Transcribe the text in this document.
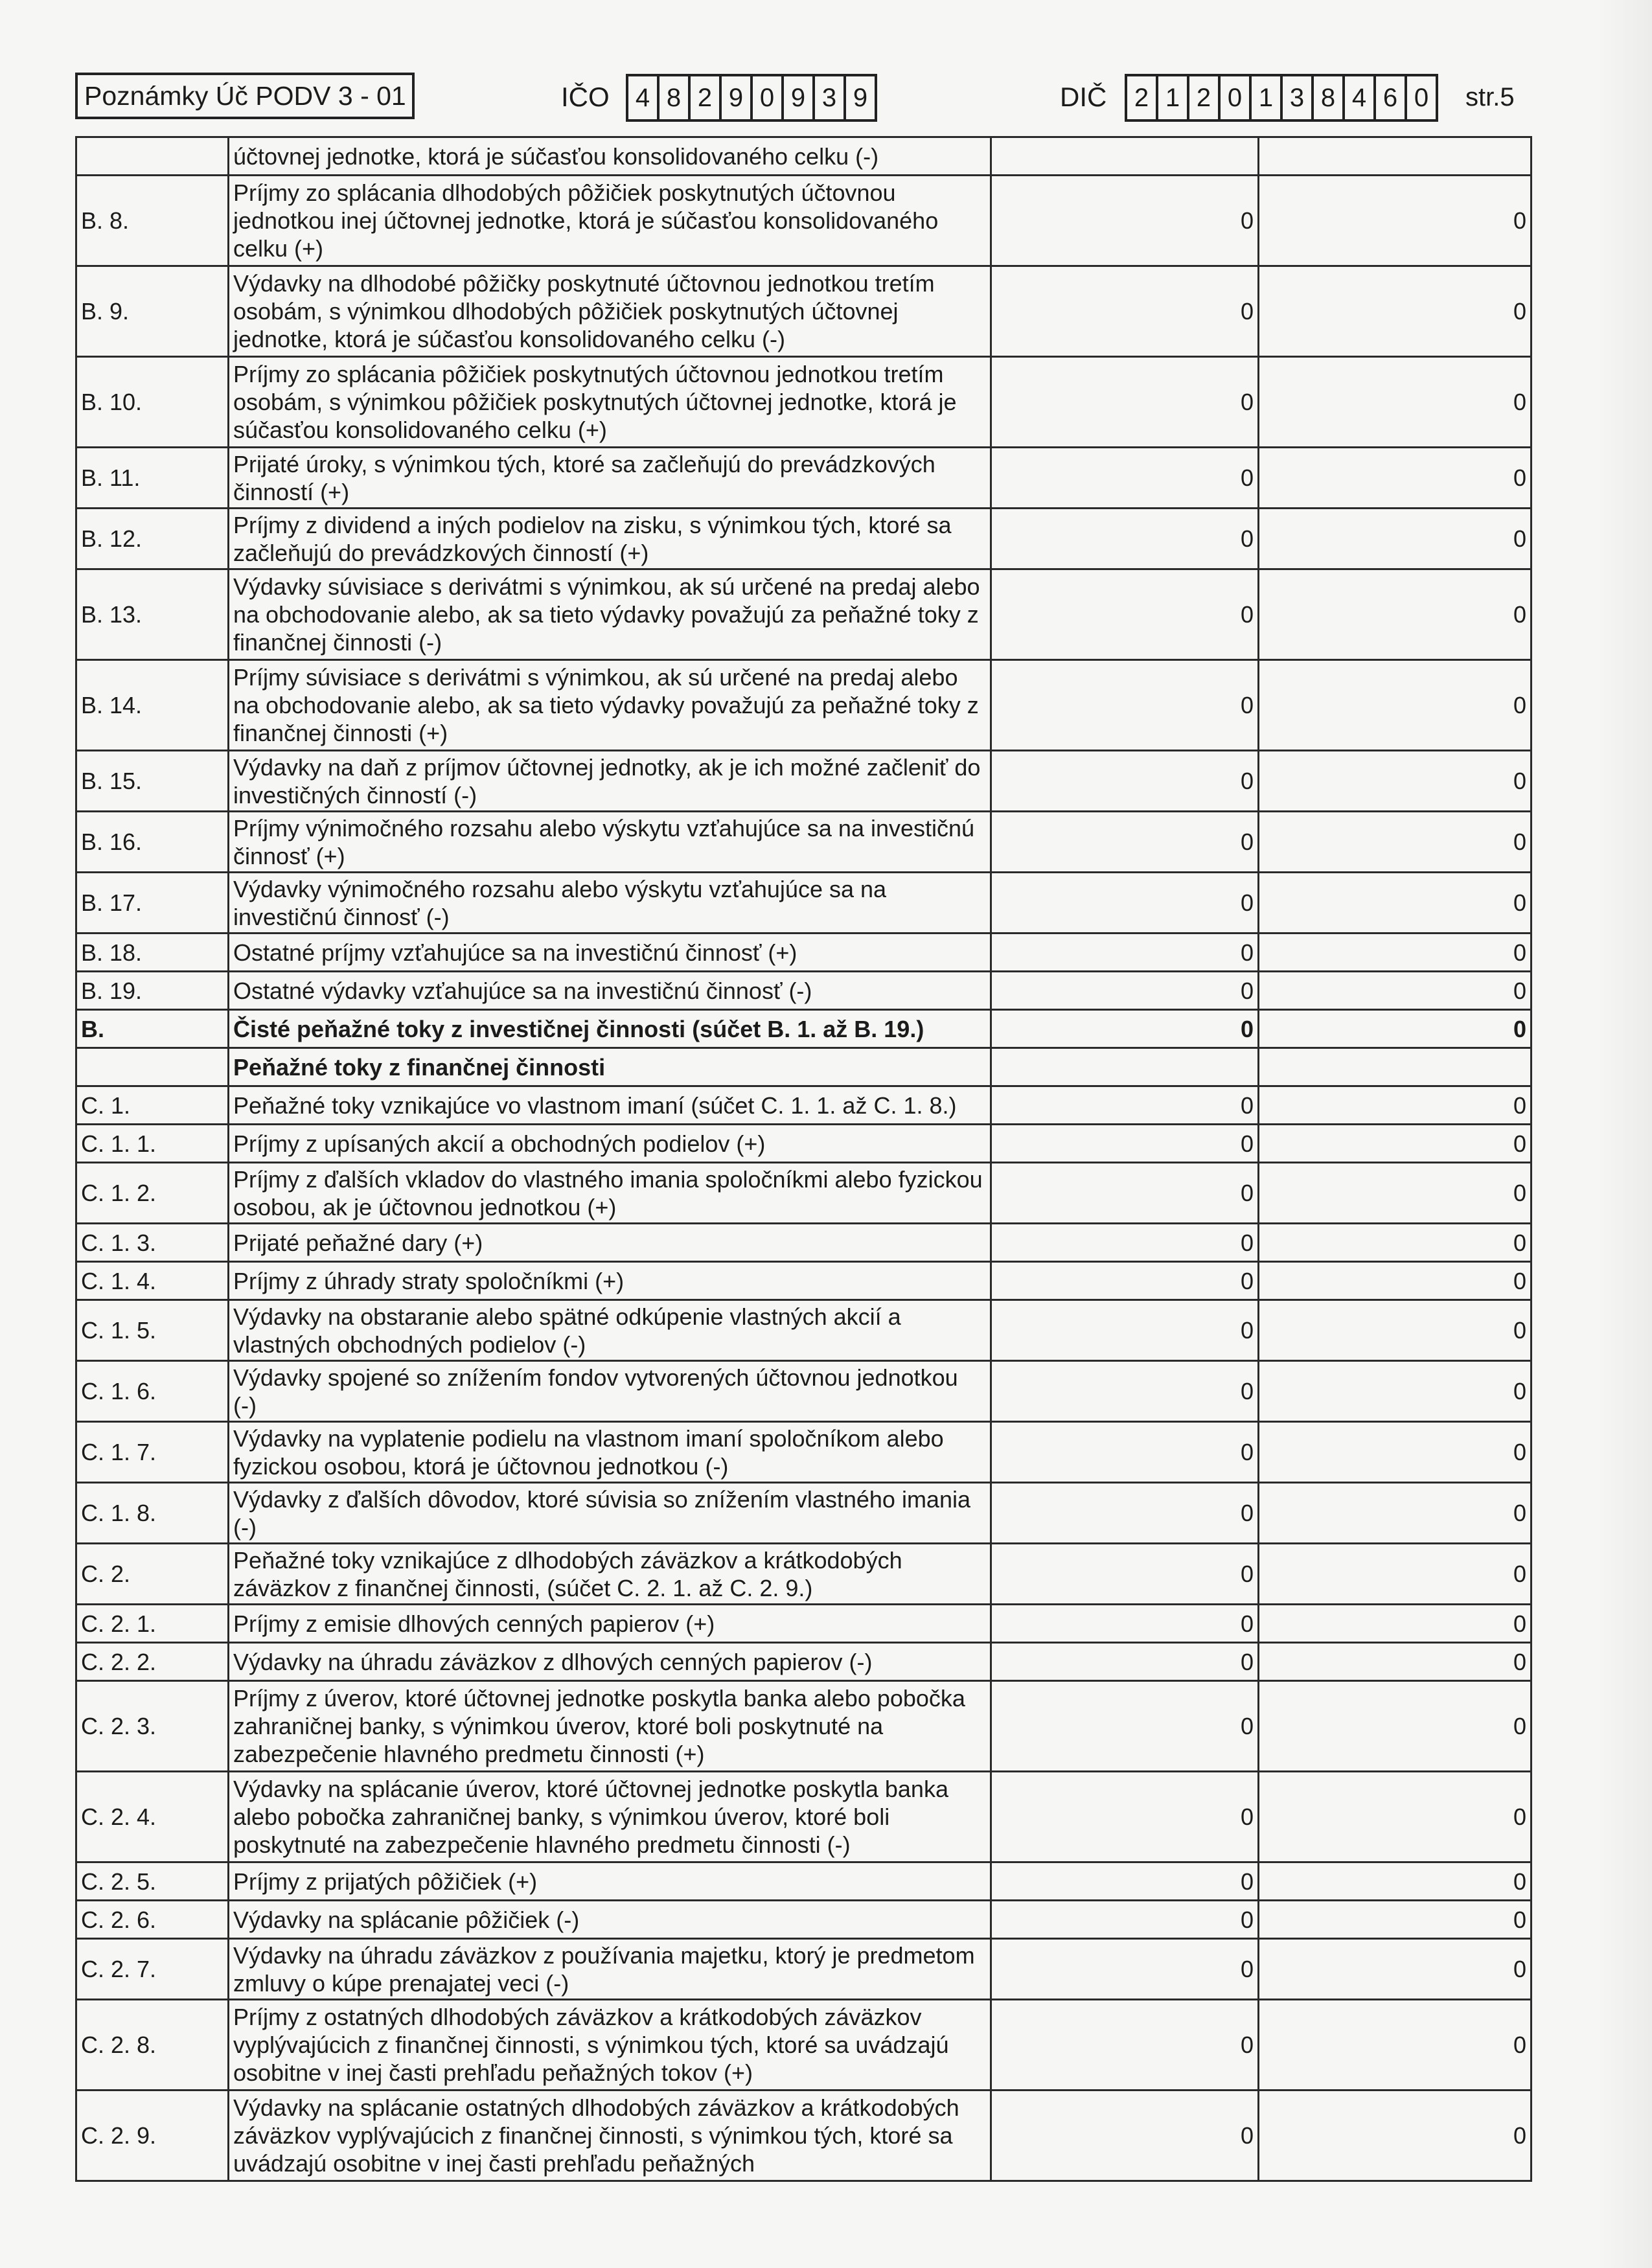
Poznámky Úč PODV 3 - 01	IČO	4 8 2 9 0 9 3 9	DIČ	2 1 2 0 1 3 8 4 6 0	str.5
	účtovnej jednotke, ktorá je súčasťou konsolidovaného celku (-)		
B. 8.	Príjmy zo splácania dlhodobých pôžičiek poskytnutých účtovnou jednotkou inej účtovnej jednotke, ktorá je súčasťou konsolidovaného celku (+)	0	0
B. 9.	Výdavky na dlhodobé pôžičky poskytnuté účtovnou jednotkou tretím osobám, s výnimkou dlhodobých pôžičiek poskytnutých účtovnej jednotke, ktorá je súčasťou konsolidovaného celku (-)	0	0
B. 10.	Príjmy zo splácania pôžičiek poskytnutých účtovnou jednotkou tretím osobám, s výnimkou pôžičiek poskytnutých účtovnej jednotke, ktorá je súčasťou konsolidovaného celku (+)	0	0
B. 11.	Prijaté úroky, s výnimkou tých, ktoré sa začleňujú do prevádzkových činností (+)	0	0
B. 12.	Príjmy z dividend a iných podielov na zisku, s výnimkou tých, ktoré sa začleňujú do prevádzkových činností (+)	0	0
B. 13.	Výdavky súvisiace s derivátmi s výnimkou, ak sú určené na predaj alebo na obchodovanie alebo, ak sa tieto výdavky považujú za peňažné toky z finančnej činnosti (-)	0	0
B. 14.	Príjmy súvisiace s derivátmi s výnimkou, ak sú určené na predaj alebo na obchodovanie alebo, ak sa tieto výdavky považujú za peňažné toky z finančnej činnosti (+)	0	0
B. 15.	Výdavky na daň z príjmov účtovnej jednotky, ak je ich možné začleniť do investičných činností (-)	0	0
B. 16.	Príjmy výnimočného rozsahu alebo výskytu vzťahujúce sa na investičnú činnosť (+)	0	0
B. 17.	Výdavky výnimočného rozsahu alebo výskytu vzťahujúce sa na investičnú činnosť (-)	0	0
B. 18.	Ostatné príjmy vzťahujúce sa na investičnú činnosť (+)	0	0
B. 19.	Ostatné výdavky vzťahujúce sa na investičnú činnosť (-)	0	0
B.	Čisté peňažné toky z investičnej činnosti (súčet B. 1. až B. 19.)	0	0
	Peňažné toky z finančnej činnosti		
C. 1.	Peňažné toky vznikajúce vo vlastnom imaní (súčet C. 1. 1. až C. 1. 8.)	0	0
C. 1. 1.	Príjmy z upísaných akcií a obchodných podielov (+)	0	0
C. 1. 2.	Príjmy z ďalších vkladov do vlastného imania spoločníkmi alebo fyzickou osobou, ak je účtovnou jednotkou (+)	0	0
C. 1. 3.	Prijaté peňažné dary (+)	0	0
C. 1. 4.	Príjmy z úhrady straty spoločníkmi (+)	0	0
C. 1. 5.	Výdavky na obstaranie alebo spätné odkúpenie vlastných akcií a vlastných obchodných podielov (-)	0	0
C. 1. 6.	Výdavky spojené so znížením fondov vytvorených účtovnou jednotkou (-)	0	0
C. 1. 7.	Výdavky na vyplatenie podielu na vlastnom imaní spoločníkom alebo fyzickou osobou, ktorá je účtovnou jednotkou (-)	0	0
C. 1. 8.	Výdavky z ďalších dôvodov, ktoré súvisia so znížením vlastného imania (-)	0	0
C. 2.	Peňažné toky vznikajúce z dlhodobých záväzkov a krátkodobých záväzkov z finančnej činnosti, (súčet C. 2. 1. až C. 2. 9.)	0	0
C. 2. 1.	Príjmy z emisie dlhových cenných papierov (+)	0	0
C. 2. 2.	Výdavky na úhradu záväzkov z dlhových cenných papierov (-)	0	0
C. 2. 3.	Príjmy z úverov, ktoré účtovnej jednotke poskytla banka alebo pobočka zahraničnej banky, s výnimkou úverov, ktoré boli poskytnuté na zabezpečenie hlavného predmetu činnosti (+)	0	0
C. 2. 4.	Výdavky na splácanie úverov, ktoré účtovnej jednotke poskytla banka alebo pobočka zahraničnej banky, s výnimkou úverov, ktoré boli poskytnuté na zabezpečenie hlavného predmetu činnosti (-)	0	0
C. 2. 5.	Príjmy z prijatých pôžičiek (+)	0	0
C. 2. 6.	Výdavky na splácanie pôžičiek (-)	0	0
C. 2. 7.	Výdavky na úhradu záväzkov z používania majetku, ktorý je predmetom zmluvy o kúpe prenajatej veci (-)	0	0
C. 2. 8.	Príjmy z ostatných dlhodobých záväzkov a krátkodobých záväzkov vyplývajúcich z finančnej činnosti, s výnimkou tých, ktoré sa uvádzajú osobitne v inej časti prehľadu peňažných tokov (+)	0	0
C. 2. 9.	Výdavky na splácanie ostatných dlhodobých záväzkov a krátkodobých záväzkov vyplývajúcich z finančnej činnosti, s výnimkou tých, ktoré sa uvádzajú osobitne v inej časti prehľadu peňažných	0	0
